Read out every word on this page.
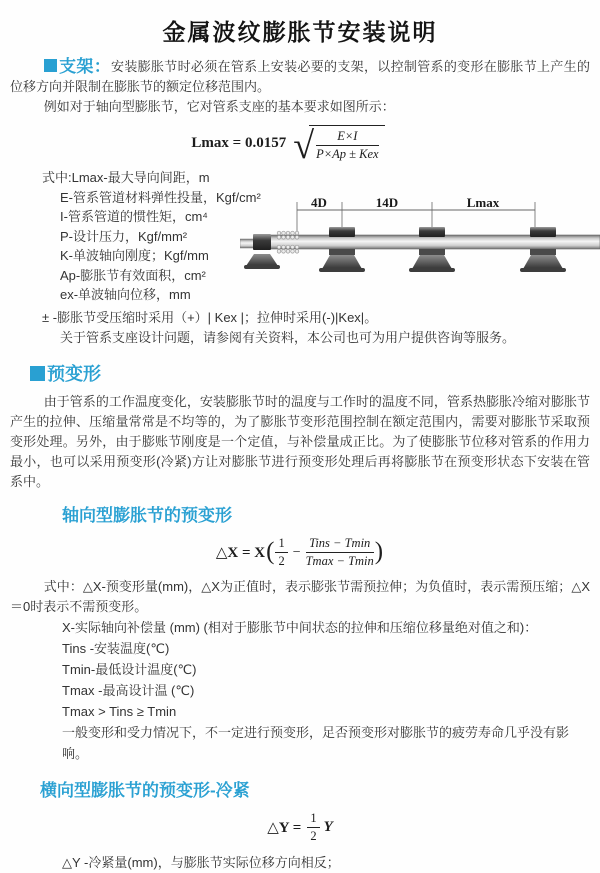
金属波纹膨胀节安装说明

支架：安装膨胀节时必须在管系上安装必要的支架，以控制管系的变形在膨胀节上产生的位移方向并限制在膨胀节的额定位移范围内。

例如对于轴向型膨胀节，它对管系支座的基本要求如图所示：

Lmax = 0.0157 √ $\frac{E\times I}{\text{P×Ap ± Kex}}$
式中:Lmax-最大导向间距，m
E-管系管道材料弹性投量，Kgf/cm²
I-管系管道的惯性矩，cm⁴
P-设计压力，Kgf/mm²
K-单波轴向刚度；Kgf/mm
Ap-膨胀节有效面积，cm²
ex-单波轴向位移，mm
4D	14D	Lmax
± -膨胀节受压缩时采用（+）| Kex |；拉伸时采用(-)|Kex|。
关于管系支座设计问题，请参阅有关资料，本公司也可为用户提供咨询等服务。
预变形

由于管系的工作温度变化，安装膨胀节时的温度与工作时的温度不同，管系热膨胀冷缩对膨胀节产生的拉伸、压缩量常常是不均等的，为了膨胀节变形范围控制在额定范围内，需要对膨胀节采取预变形处理。另外，由于膨账节刚度是一个定值，与补偿量成正比。为了使膨胀节位移对管系的作用力最小，也可以采用预变形(冷紧)方让对膨胀节进行预变形处理后再将膨胀节在预变形状态下安装在管系中。

轴向型膨胀节的预变形
△X = X ( $\frac{1}{2} - \frac{\text{Tins − Tmin}}{Tmax - Tmin}$ )

式中：△X-预变形量(mm)，△X为正值时，表示膨张节需预拉伸；为负值时，表示需预压缩；△X＝0时表示不需预变形。

X-实际轴向补偿量 (mm) (相对于膨胀节中间状态的拉伸和压缩位移量绝对值之和)：
Tins -安装温度(℃)
Tmin-最低设计温度(℃)
Tmax -最高设计温 (℃)
Tmax > Tins ≥ Tmin
一般变形和受力情况下，不一定进行预变形，足否预变形对膨胀节的疲劳寿命几乎没有影响。
横向型膨胀节的预变形-冷紧
△Y = $\frac{1}{2}$ Y
△Y -冷紧量(mm)，与膨胀节实际位移方向相反；
